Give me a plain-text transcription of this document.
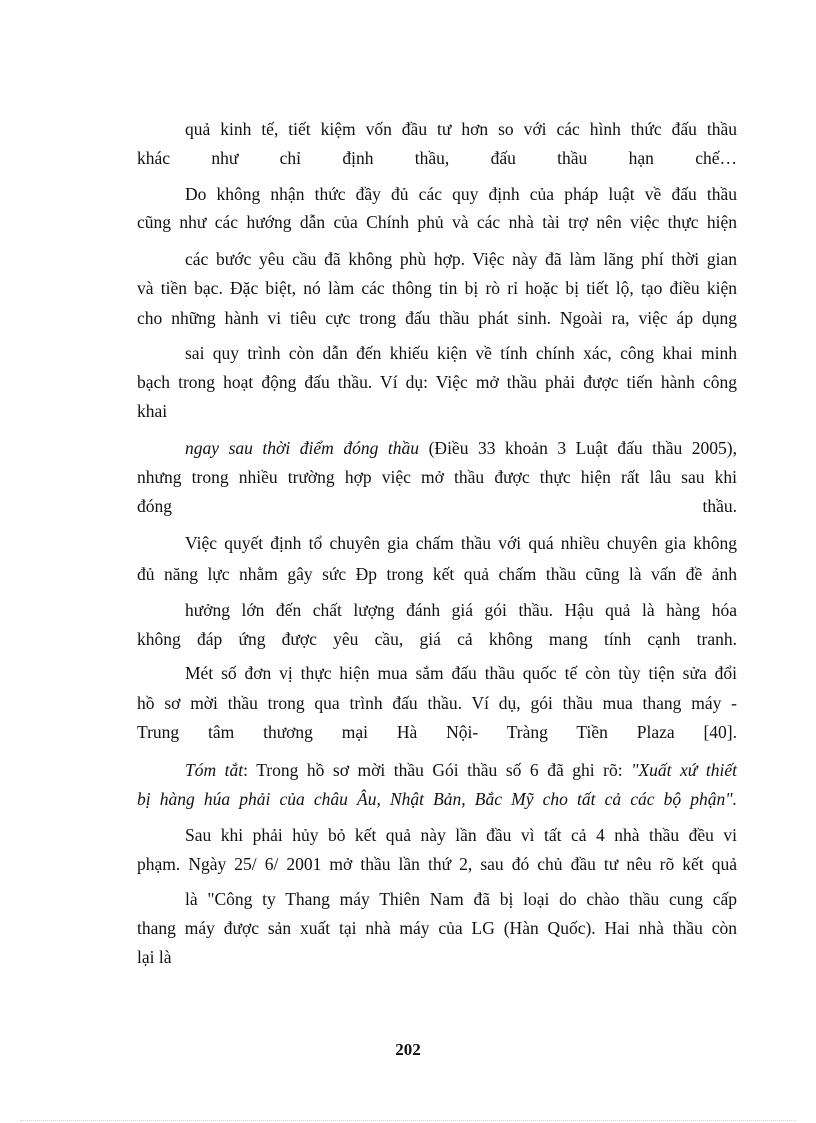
quả kinh tế, tiết kiệm vốn đầu tư hơn so với các hình thức đấu thầu
khác như chỉ định thầu, đấu thầu hạn chế…
Do không nhận thức đầy đủ các quy định của pháp luật về đấu thầu
cũng như các hướng dẫn của Chính phủ và các nhà tài trợ nên việc thực hiện
các bước yêu cầu đã không phù hợp. Việc này đã làm lãng phí thời gian
và tiền bạc. Đặc biệt, nó làm các thông tin bị rò rỉ hoặc bị tiết lộ, tạo điều kiện
cho những hành vi tiêu cực trong đấu thầu phát sinh. Ngoài ra, việc áp dụng
sai quy trình còn dẫn đến khiếu kiện về tính chính xác, công khai minh
bạch trong hoạt động đấu thầu. Ví dụ: Việc mở thầu phải được tiến hành công
khai
ngay sau thời điểm đóng thầu (Điều 33 khoản 3 Luật đấu thầu 2005),
nhưng trong nhiều trường hợp việc mở thầu được thực hiện rất lâu sau khi
đóng thầu.
Việc quyết định tổ chuyên gia chấm thầu với quá nhiều chuyên gia không
đủ năng lực nhằm gây sức Đp trong kết quả chấm thầu cũng là vấn đề ảnh
hưởng lớn đến chất lượng đánh giá gói thầu. Hậu quả là hàng hóa
không đáp ứng được yêu cầu, giá cả không mang tính cạnh tranh.
Mét số đơn vị thực hiện mua sắm đấu thầu quốc tế còn tùy tiện sửa đổi
hồ sơ mời thầu trong qua trình đấu thầu. Ví dụ, gói thầu mua thang máy -
Trung tâm thương mại Hà Nội- Tràng Tiền Plaza [40].
Tóm tắt: Trong hồ sơ mời thầu Gói thầu số 6 đã ghi rõ: "Xuất xứ thiết
bị hàng húa phải của châu Âu, Nhật Bản, Bắc Mỹ cho tất cả các bộ phận".
Sau khi phải hủy bỏ kết quả này lần đầu vì tất cả 4 nhà thầu đều vi
phạm. Ngày 25/ 6/ 2001 mở thầu lần thứ 2, sau đó chủ đầu tư nêu rõ kết quả
là "Công ty Thang máy Thiên Nam đã bị loại do chào thầu cung cấp
thang máy được sản xuất tại nhà máy của LG (Hàn Quốc). Hai nhà thầu còn
lại là
202
